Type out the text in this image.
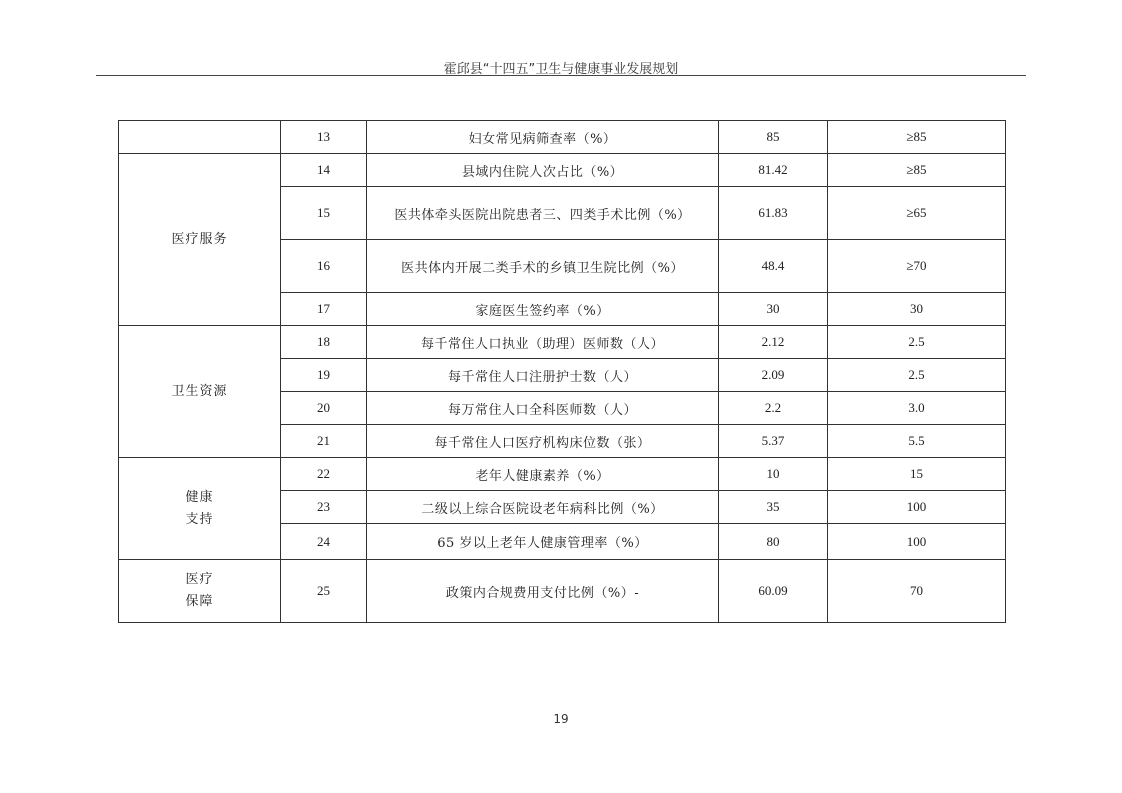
霍邱县“十四五”卫生与健康事业发展规划
	13	妇女常见病筛查率（%）	85	≥85
医疗服务	14	县域内住院人次占比（%）	81.42	≥85
	15	医共体牵头医院出院患者三、四类手术比例（%）	61.83	≥65
	16	医共体内开展二类手术的乡镇卫生院比例（%）	48.4	≥70
	17	家庭医生签约率（%）	30	30
卫生资源	18	每千常住人口执业（助理）医师数（人）	2.12	2.5
	19	每千常住人口注册护士数（人）	2.09	2.5
	20	每万常住人口全科医师数（人）	2.2	3.0
	21	每千常住人口医疗机构床位数（张）	5.37	5.5

健康
支持	22	老年人健康素养（%）	10	15
	23	二级以上综合医院设老年病科比例（%）	35	100
	24	65 岁以上老年人健康管理率（%）	80	100

医疗
保障	25	政策内合规费用支付比例（%）-	60.09	70
19
